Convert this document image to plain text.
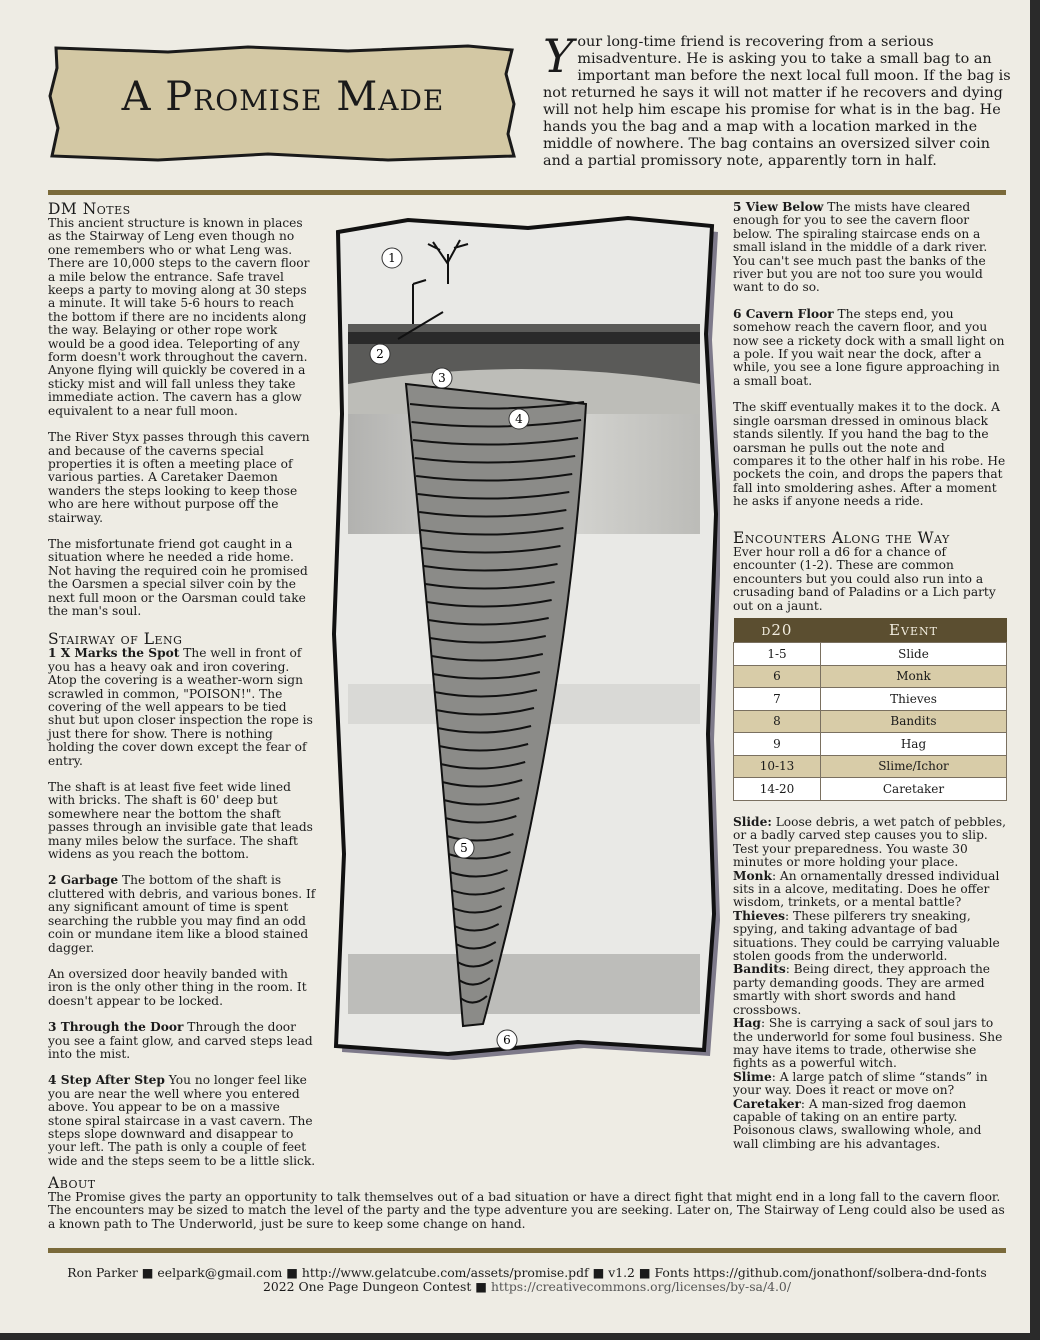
A Promise Made
Y our long-time friend is recovering from a serious misadventure. He is asking you to take a small bag to an important man before the next local full moon. If the bag is not returned he says it will not matter if he recovers and dying will not help him escape his promise for what is in the bag. He hands you the bag and a map with a location marked in the middle of nowhere. The bag contains an oversized silver coin and a partial promissory note, apparently torn in half.
DM Notes

This ancient structure is known in places as the Stairway of Leng even though no one remembers who or what Leng was. There are 10,000 steps to the cavern floor a mile below the entrance. Safe travel keeps a party to moving along at 30 steps a minute. It will take 5-6 hours to reach the bottom if there are no incidents along the way. Belaying or other rope work would be a good idea. Teleporting of any form doesn't work throughout the cavern. Anyone flying will quickly be covered in a sticky mist and will fall unless they take immediate action. The cavern has a glow equivalent to a near full moon.

The River Styx passes through this cavern and because of the caverns special properties it is often a meeting place of various parties. A Caretaker Daemon wanders the steps looking to keep those who are here without purpose off the stairway.

The misfortunate friend got caught in a situation where he needed a ride home. Not having the required coin he promised the Oarsmen a special silver coin by the next full moon or the Oarsman could take the man's soul.

Stairway of Leng

1 X Marks the Spot The well in front of you has a heavy oak and iron covering. Atop the covering is a weather-worn sign scrawled in common, "POISON!". The covering of the well appears to be tied shut but upon closer inspection the rope is just there for show. There is nothing holding the cover down except the fear of entry.

The shaft is at least five feet wide lined with bricks. The shaft is 60' deep but somewhere near the bottom the shaft passes through an invisible gate that leads many miles below the surface. The shaft widens as you reach the bottom.

2 Garbage The bottom of the shaft is cluttered with debris, and various bones. If any significant amount of time is spent searching the rubble you may find an odd coin or mundane item like a blood stained dagger.

An oversized door heavily banded with iron is the only other thing in the room. It doesn't appear to be locked.

3 Through the Door Through the door you see a faint glow, and carved steps lead into the mist.

4 Step After Step You no longer feel like you are near the well where you entered above. You appear to be on a massive stone spiral staircase in a vast cavern. The steps slope downward and disappear to your left. The path is only a couple of feet wide and the steps seem to be a little slick.

1
2
3
4
5
6

5 View Below The mists have cleared enough for you to see the cavern floor below. The spiraling staircase ends on a small island in the middle of a dark river. You can't see much past the banks of the river but you are not too sure you would want to do so.

6 Cavern Floor The steps end, you somehow reach the cavern floor, and you now see a rickety dock with a small light on a pole. If you wait near the dock, after a while, you see a lone figure approaching in a small boat.

The skiff eventually makes it to the dock. A single oarsman dressed in ominous black stands silently. If you hand the bag to the oarsman he pulls out the note and compares it to the other half in his robe. He pockets the coin, and drops the papers that fall into smoldering ashes. After a moment he asks if anyone needs a ride.

Encounters Along the Way

Ever hour roll a d6 for a chance of encounter (1-2). These are common encounters but you could also run into a crusading band of Paladins or a Lich party out on a jaunt.

d20	Event
1-5	Slide
6	Monk
7	Thieves
8	Bandits
9	Hag
10-13	Slime/Ichor
14-20	Caretaker
Slide: Loose debris, a wet patch of pebbles, or a badly carved step causes you to slip. Test your preparedness. You waste 30 minutes or more holding your place.
Monk: An ornamentally dressed individual sits in a alcove, meditating. Does he offer wisdom, trinkets, or a mental battle?
Thieves: These pilferers try sneaking, spying, and taking advantage of bad situations. They could be carrying valuable stolen goods from the underworld.
Bandits: Being direct, they approach the party demanding goods. They are armed smartly with short swords and hand crossbows.
Hag: She is carrying a sack of soul jars to the underworld for some foul business. She may have items to trade, otherwise she fights as a powerful witch.
Slime: A large patch of slime “stands” in your way. Does it react or move on?
Caretaker: A man-sized frog daemon capable of taking on an entire party. Poisonous claws, swallowing whole, and wall climbing are his advantages.
About

The Promise gives the party an opportunity to talk themselves out of a bad situation or have a direct fight that might end in a long fall to the cavern floor. The encounters may be sized to match the level of the party and the type adventure you are seeking. Later on, The Stairway of Leng could also be used as a known path to The Underworld, just be sure to keep some change on hand.

Ron Parker ■ eelpark@gmail.com ■ http://www.gelatcube.com/assets/promise.pdf ■ v1.2 ■ Fonts https://github.com/jonathonf/solbera-dnd-fonts
2022 One Page Dungeon Contest ■ https://creativecommons.org/licenses/by-sa/4.0/
